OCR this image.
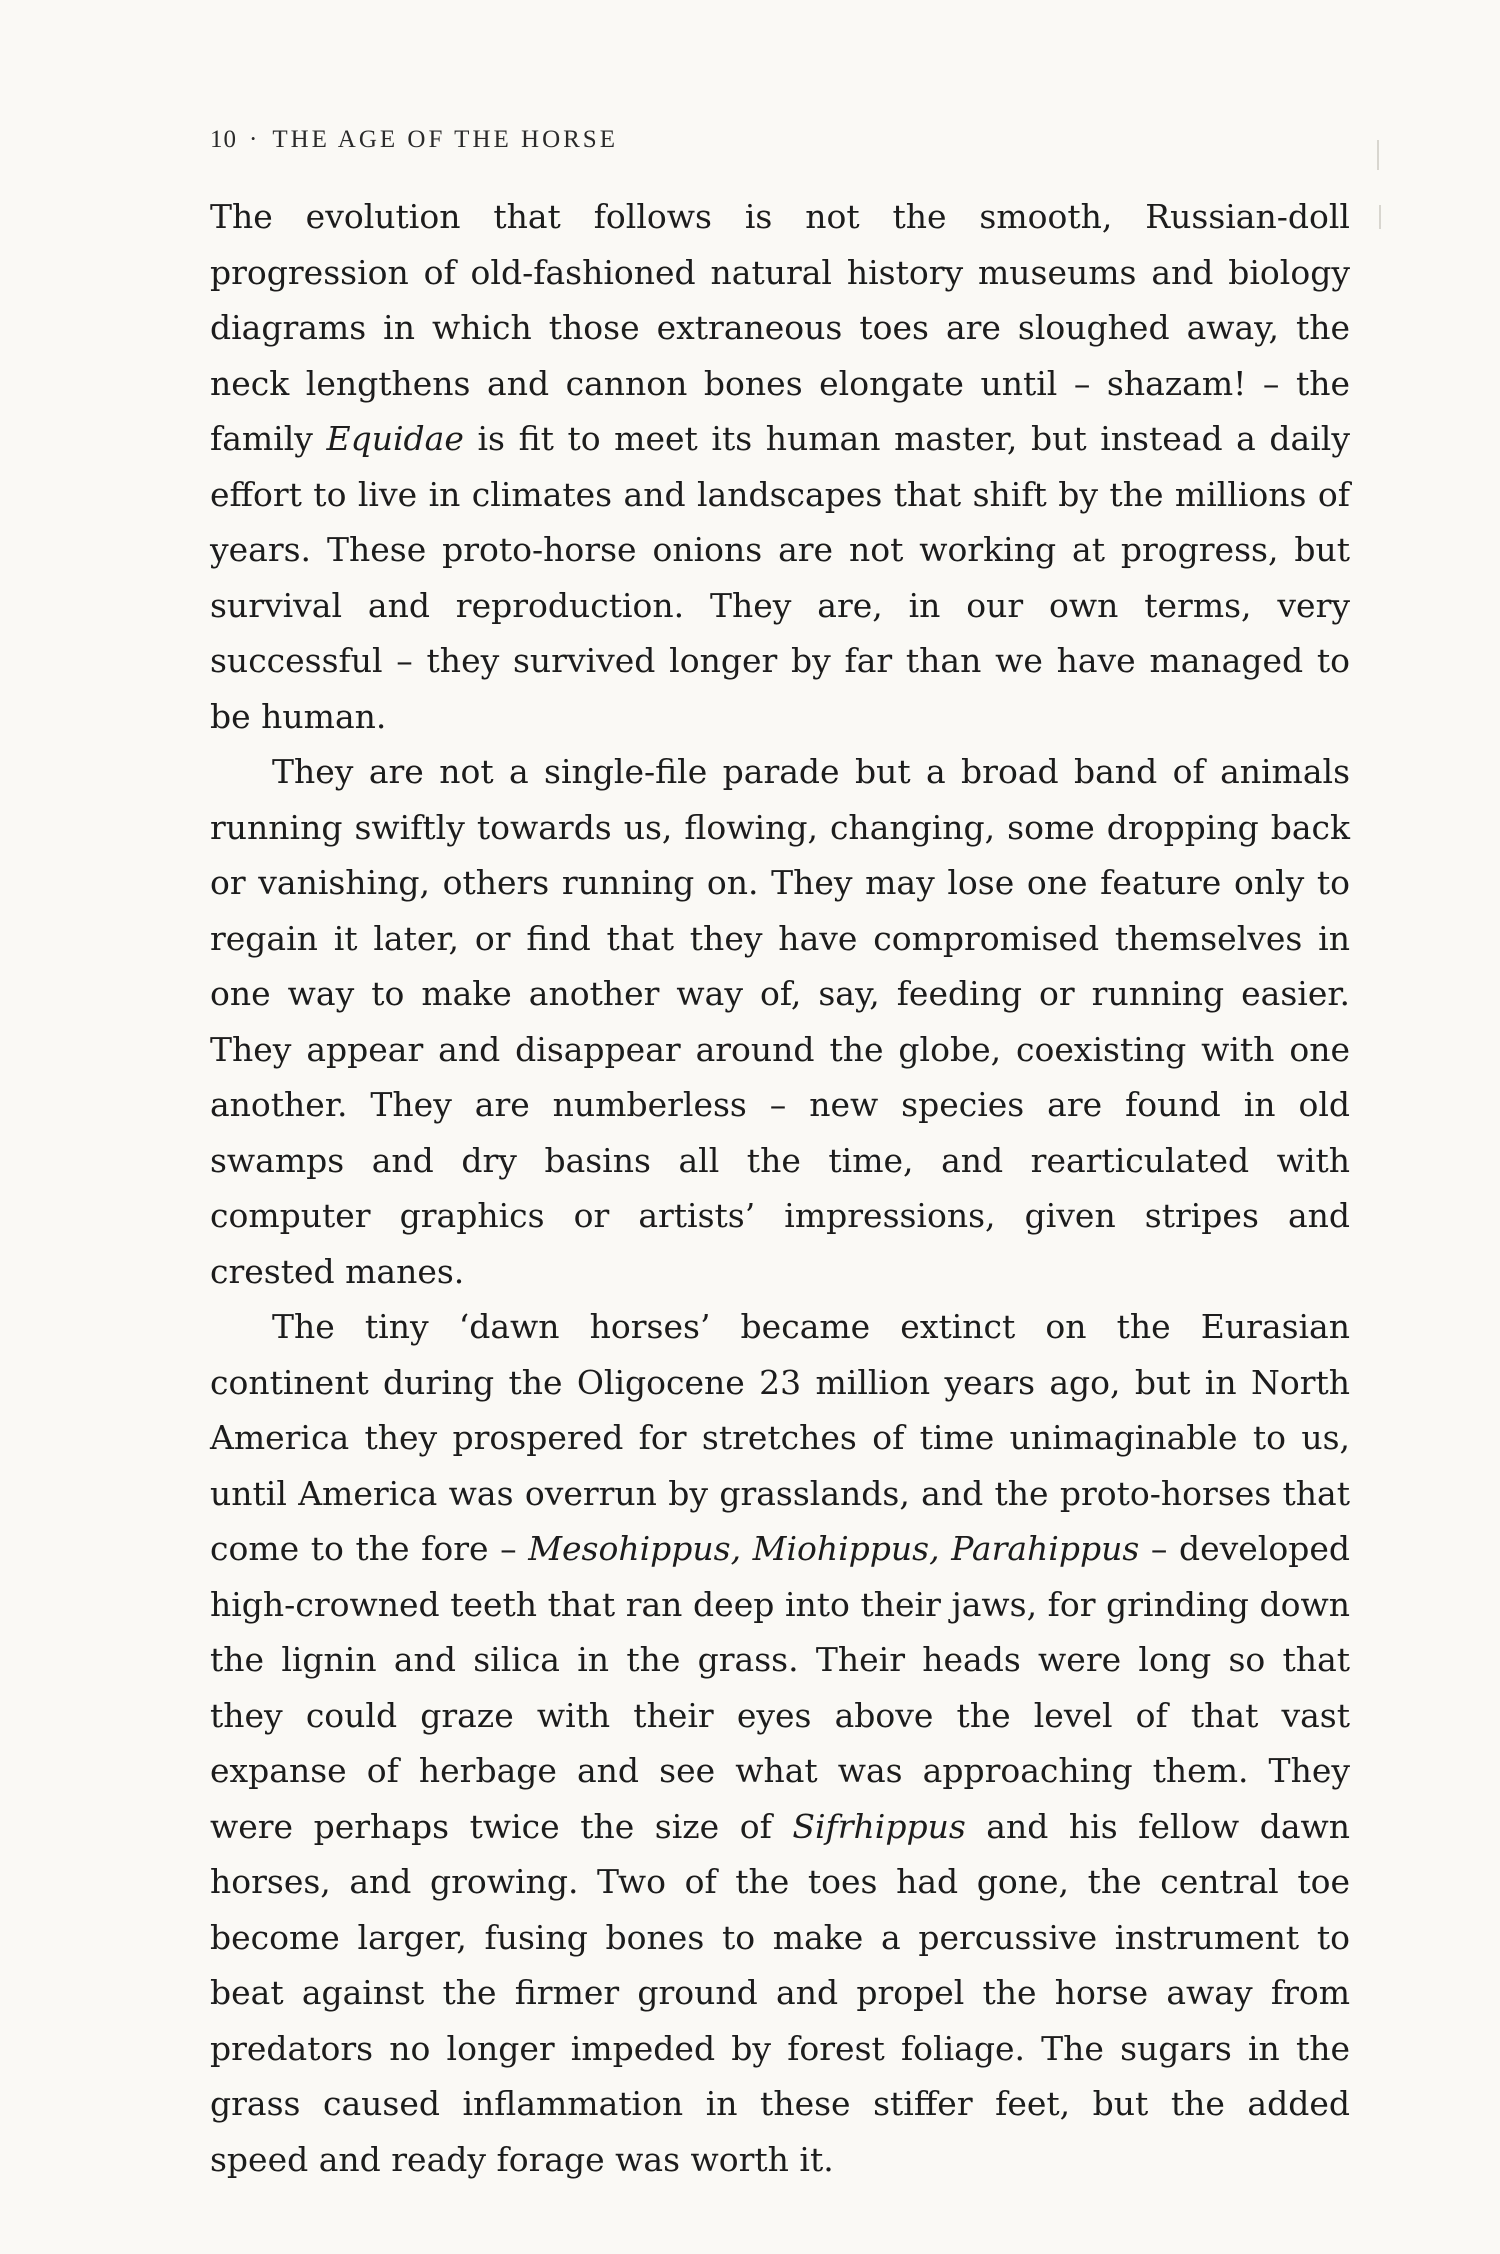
10 · THE AGE OF THE HORSE

The evolution that follows is not the smooth, Russian-doll progression of old-fashioned natural history museums and biology diagrams in which those extraneous toes are sloughed away, the neck lengthens and cannon bones elongate until – shazam! – the family Equidae is fit to meet its human master, but instead a daily effort to live in climates and landscapes that shift by the millions of years. These proto-horse onions are not working at progress, but survival and reproduction. They are, in our own terms, very successful – they survived longer by far than we have managed to be human.

They are not a single-file parade but a broad band of animals running swiftly towards us, flowing, changing, some dropping back or vanishing, others running on. They may lose one feature only to regain it later, or find that they have compromised themselves in one way to make another way of, say, feeding or running easier. They appear and disappear around the globe, coexisting with one another. They are numberless – new species are found in old swamps and dry basins all the time, and rearticulated with computer graphics or artists’ impressions, given stripes and crested manes.

The tiny ‘dawn horses’ became extinct on the Eurasian continent during the Oligocene 23 million years ago, but in North America they prospered for stretches of time unimaginable to us, until America was overrun by grasslands, and the proto-horses that come to the fore – Mesohippus, Miohippus, Parahippus – developed high-crowned teeth that ran deep into their jaws, for grinding down the lignin and silica in the grass. Their heads were long so that they could graze with their eyes above the level of that vast expanse of herbage and see what was approaching them. They were perhaps twice the size of Sifrhippus and his fellow dawn horses, and growing. Two of the toes had gone, the central toe become larger, fusing bones to make a percussive instrument to beat against the firmer ground and propel the horse away from predators no longer impeded by forest foliage. The sugars in the grass caused inflammation in these stiffer feet, but the added speed and ready forage was worth it.
